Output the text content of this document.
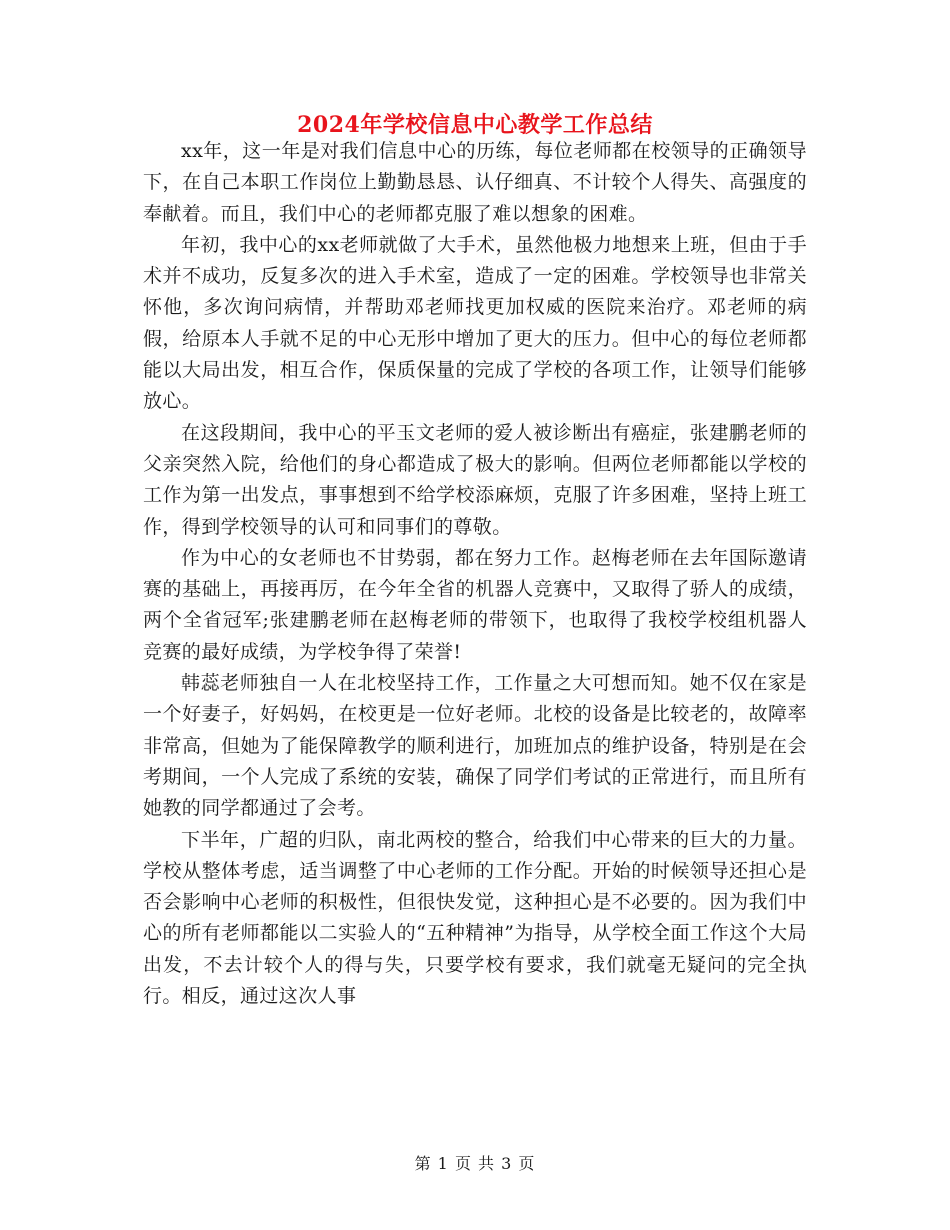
2024年学校信息中心教学工作总结

xx年，这一年是对我们信息中心的历练，每位老师都在校领导的正确领导下，在自己本职工作岗位上勤勤恳恳、认仔细真、不计较个人得失、高强度的奉献着。而且，我们中心的老师都克服了难以想象的困难。

年初，我中心的xx老师就做了大手术，虽然他极力地想来上班，但由于手术并不成功，反复多次的进入手术室，造成了一定的困难。学校领导也非常关怀他，多次询问病情，并帮助邓老师找更加权威的医院来治疗。邓老师的病假，给原本人手就不足的中心无形中增加了更大的压力。但中心的每位老师都能以大局出发，相互合作，保质保量的完成了学校的各项工作，让领导们能够放心。

在这段期间，我中心的平玉文老师的爱人被诊断出有癌症，张建鹏老师的父亲突然入院，给他们的身心都造成了极大的影响。但两位老师都能以学校的工作为第一出发点，事事想到不给学校添麻烦，克服了许多困难，坚持上班工作，得到学校领导的认可和同事们的尊敬。

作为中心的女老师也不甘势弱，都在努力工作。赵梅老师在去年国际邀请赛的基础上，再接再厉，在今年全省的机器人竞赛中，又取得了骄人的成绩，两个全省冠军;张建鹏老师在赵梅老师的带领下，也取得了我校学校组机器人竞赛的最好成绩，为学校争得了荣誉!

韩蕊老师独自一人在北校坚持工作，工作量之大可想而知。她不仅在家是一个好妻子，好妈妈，在校更是一位好老师。北校的设备是比较老的，故障率非常高，但她为了能保障教学的顺利进行，加班加点的维护设备，特别是在会考期间，一个人完成了系统的安装，确保了同学们考试的正常进行，而且所有她教的同学都通过了会考。

下半年，广超的归队，南北两校的整合，给我们中心带来的巨大的力量。学校从整体考虑，适当调整了中心老师的工作分配。开始的时候领导还担心是否会影响中心老师的积极性，但很快发觉，这种担心是不必要的。因为我们中心的所有老师都能以二实验人的“五种精神”为指导，从学校全面工作这个大局出发，不去计较个人的得与失，只要学校有要求，我们就毫无疑问的完全执行。相反，通过这次人事

第 1 页 共 3 页
